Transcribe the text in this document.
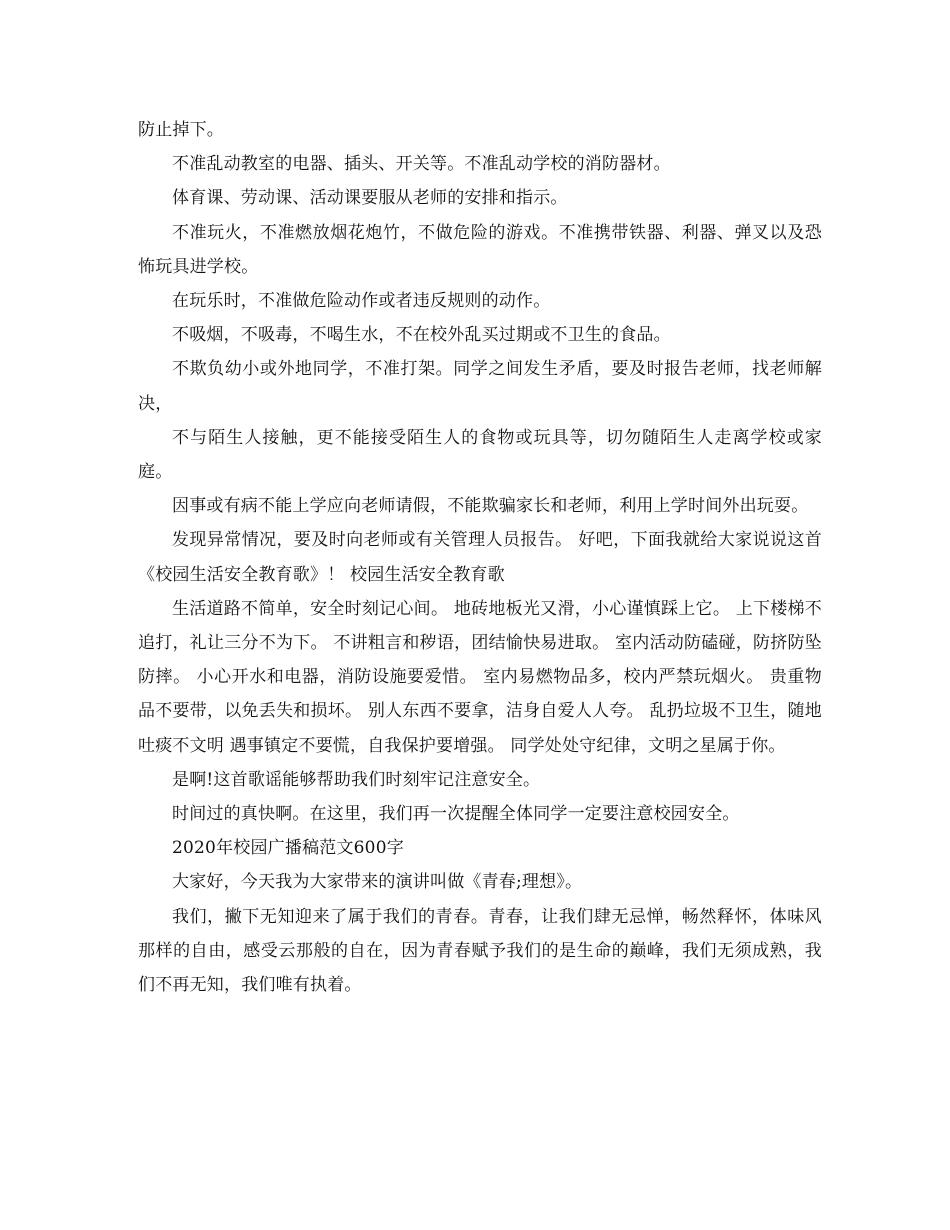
防止掉下。

不准乱动教室的电器、插头、开关等。不准乱动学校的消防器材。

体育课、劳动课、活动课要服从老师的安排和指示。

不准玩火，不准燃放烟花炮竹，不做危险的游戏。不准携带铁器、利器、弹叉以及恐怖玩具进学校。

在玩乐时，不准做危险动作或者违反规则的动作。

不吸烟，不吸毒，不喝生水，不在校外乱买过期或不卫生的食品。

不欺负幼小或外地同学，不准打架。同学之间发生矛盾，要及时报告老师，找老师解决，

不与陌生人接触，更不能接受陌生人的食物或玩具等，切勿随陌生人走离学校或家庭。

因事或有病不能上学应向老师请假，不能欺骗家长和老师，利用上学时间外出玩耍。

发现异常情况，要及时向老师或有关管理人员报告。 好吧，下面我就给大家说说这首《校园生活安全教育歌》！ 校园生活安全教育歌

生活道路不简单，安全时刻记心间。 地砖地板光又滑，小心谨慎踩上它。 上下楼梯不追打，礼让三分不为下。 不讲粗言和秽语，团结愉快易进取。 室内活动防磕碰，防挤防坠防摔。 小心开水和电器，消防设施要爱惜。 室内易燃物品多，校内严禁玩烟火。 贵重物品不要带，以免丢失和损坏。 别人东西不要拿，洁身自爱人人夸。 乱扔垃圾不卫生，随地吐痰不文明 遇事镇定不要慌，自我保护要增强。 同学处处守纪律，文明之星属于你。

是啊!这首歌谣能够帮助我们时刻牢记注意安全。

时间过的真快啊。在这里，我们再一次提醒全体同学一定要注意校园安全。

2020年校园广播稿范文600字

大家好，今天我为大家带来的演讲叫做《青春;理想》。

我们，撇下无知迎来了属于我们的青春。青春，让我们肆无忌惮，畅然释怀，体味风那样的自由，感受云那般的自在，因为青春赋予我们的是生命的巅峰，我们无须成熟，我们不再无知，我们唯有执着。
